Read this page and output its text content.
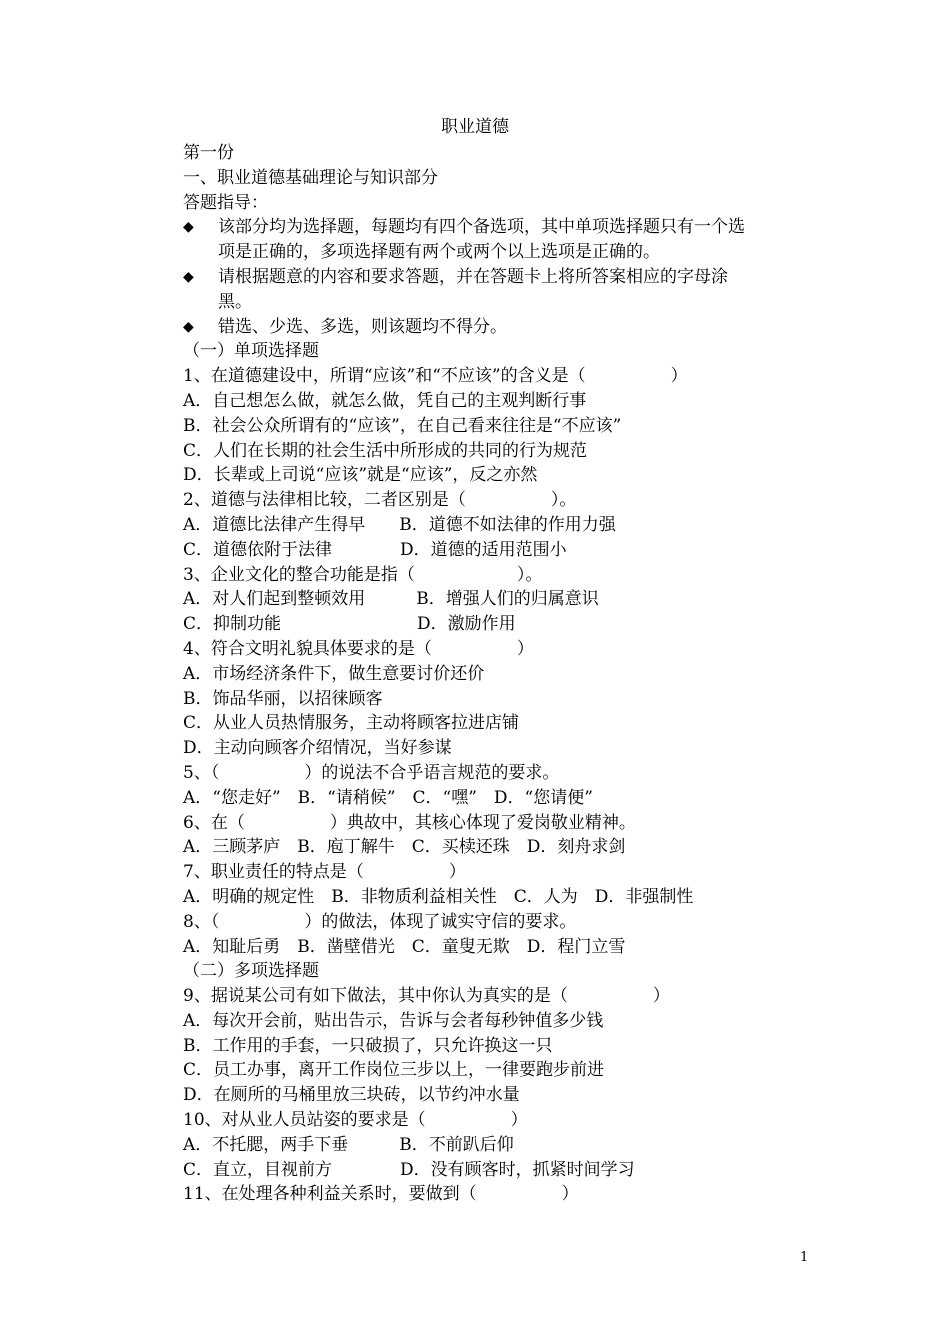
职业道德
第一份
一、职业道德基础理论与知识部分
答题指导：
◆ 该部分均为选择题，每题均有四个备选项，其中单项选择题只有一个选
项是正确的，多项选择题有两个或两个以上选项是正确的。
◆ 请根据题意的内容和要求答题，并在答题卡上将所答案相应的字母涂
黑。
◆ 错选、少选、多选，则该题均不得分。
（一）单项选择题
1、在道德建设中，所谓“应该”和“不应该”的含义是（　　　　　）
A．自己想怎么做，就怎么做，凭自己的主观判断行事
B．社会公众所谓有的“应该”，在自己看来往往是“不应该”
C．人们在长期的社会生活中所形成的共同的行为规范
D．长辈或上司说“应该”就是“应该”，反之亦然
2、道德与法律相比较，二者区别是（　　　　　）。
A．道德比法律产生得早　　B．道德不如法律的作用力强
C．道德依附于法律　　　　D．道德的适用范围小
3、企业文化的整合功能是指（　　　　　　）。
A．对人们起到整顿效用　　　B．增强人们的归属意识
C．抑制功能　　　　　　　　D．激励作用
4、符合文明礼貌具体要求的是（　　　　　）
A．市场经济条件下，做生意要讨价还价
B．饰品华丽，以招徕顾客
C．从业人员热情服务，主动将顾客拉进店铺
D．主动向顾客介绍情况，当好参谋
5、（　　　　　）的说法不合乎语言规范的要求。
A．“您走好”　B．“请稍候”　C．“嘿”　D．“您请便”
6、在（　　　　　）典故中，其核心体现了爱岗敬业精神。
A．三顾茅庐　B．庖丁解牛　C．买椟还珠　D．刻舟求剑
7、职业责任的特点是（　　　　　）
A．明确的规定性　B．非物质利益相关性　C．人为　D．非强制性
8、（　　　　　）的做法，体现了诚实守信的要求。
A．知耻后勇　B．凿壁借光　C．童叟无欺　D．程门立雪
（二）多项选择题
9、据说某公司有如下做法，其中你认为真实的是（　　　　　）
A．每次开会前，贴出告示，告诉与会者每秒钟值多少钱
B．工作用的手套，一只破损了，只允许换这一只
C．员工办事，离开工作岗位三步以上，一律要跑步前进
D．在厕所的马桶里放三块砖，以节约冲水量
10、对从业人员站姿的要求是（　　　　　）
A．不托腮，两手下垂　　　B．不前趴后仰
C．直立，目视前方　　　　D．没有顾客时，抓紧时间学习
11、在处理各种利益关系时，要做到（　　　　　）
1
